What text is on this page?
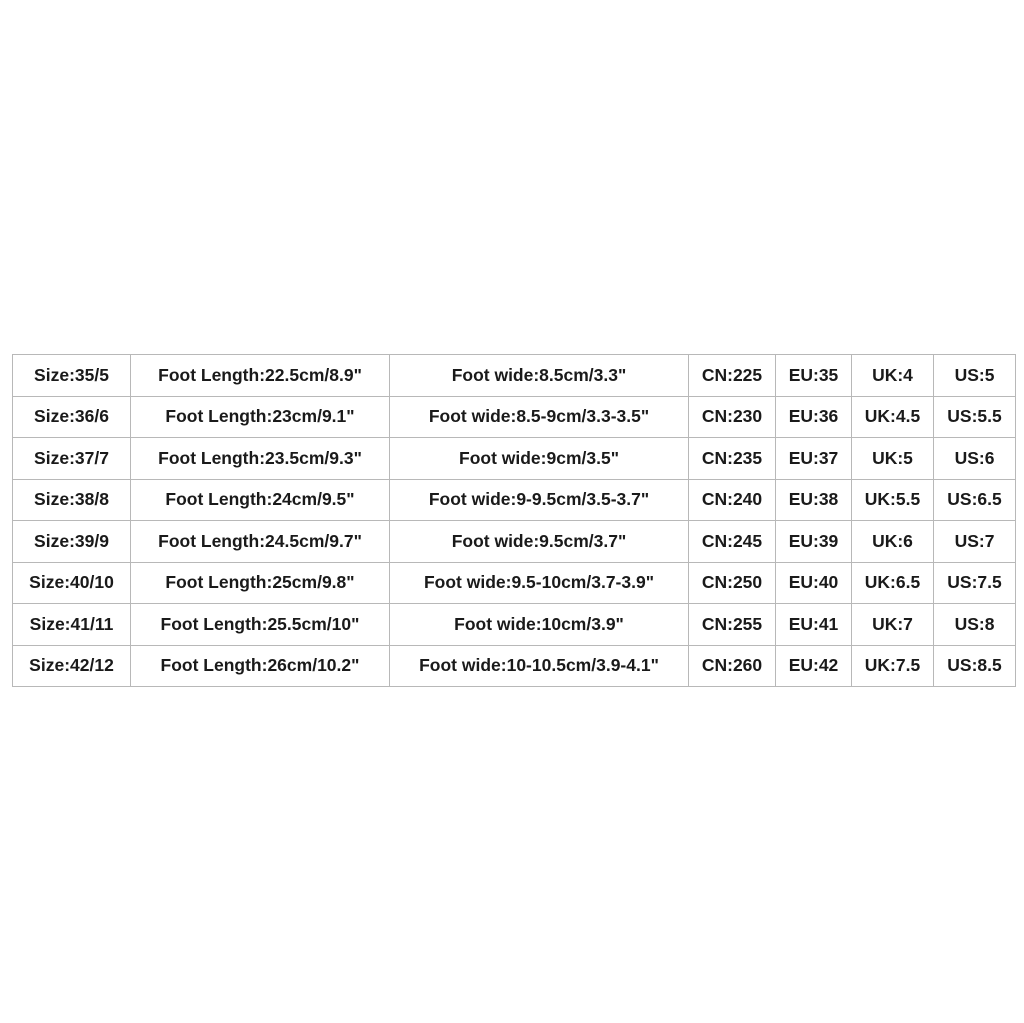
Size:35/5	Foot Length:22.5cm/8.9"	Foot wide:8.5cm/3.3"	CN:225	EU:35	UK:4	US:5
Size:36/6	Foot Length:23cm/9.1"	Foot wide:8.5-9cm/3.3-3.5"	CN:230	EU:36	UK:4.5	US:5.5
Size:37/7	Foot Length:23.5cm/9.3"	Foot wide:9cm/3.5"	CN:235	EU:37	UK:5	US:6
Size:38/8	Foot Length:24cm/9.5"	Foot wide:9-9.5cm/3.5-3.7"	CN:240	EU:38	UK:5.5	US:6.5
Size:39/9	Foot Length:24.5cm/9.7"	Foot wide:9.5cm/3.7"	CN:245	EU:39	UK:6	US:7
Size:40/10	Foot Length:25cm/9.8"	Foot wide:9.5-10cm/3.7-3.9"	CN:250	EU:40	UK:6.5	US:7.5
Size:41/11	Foot Length:25.5cm/10"	Foot wide:10cm/3.9"	CN:255	EU:41	UK:7	US:8
Size:42/12	Foot Length:26cm/10.2"	Foot wide:10-10.5cm/3.9-4.1"	CN:260	EU:42	UK:7.5	US:8.5
